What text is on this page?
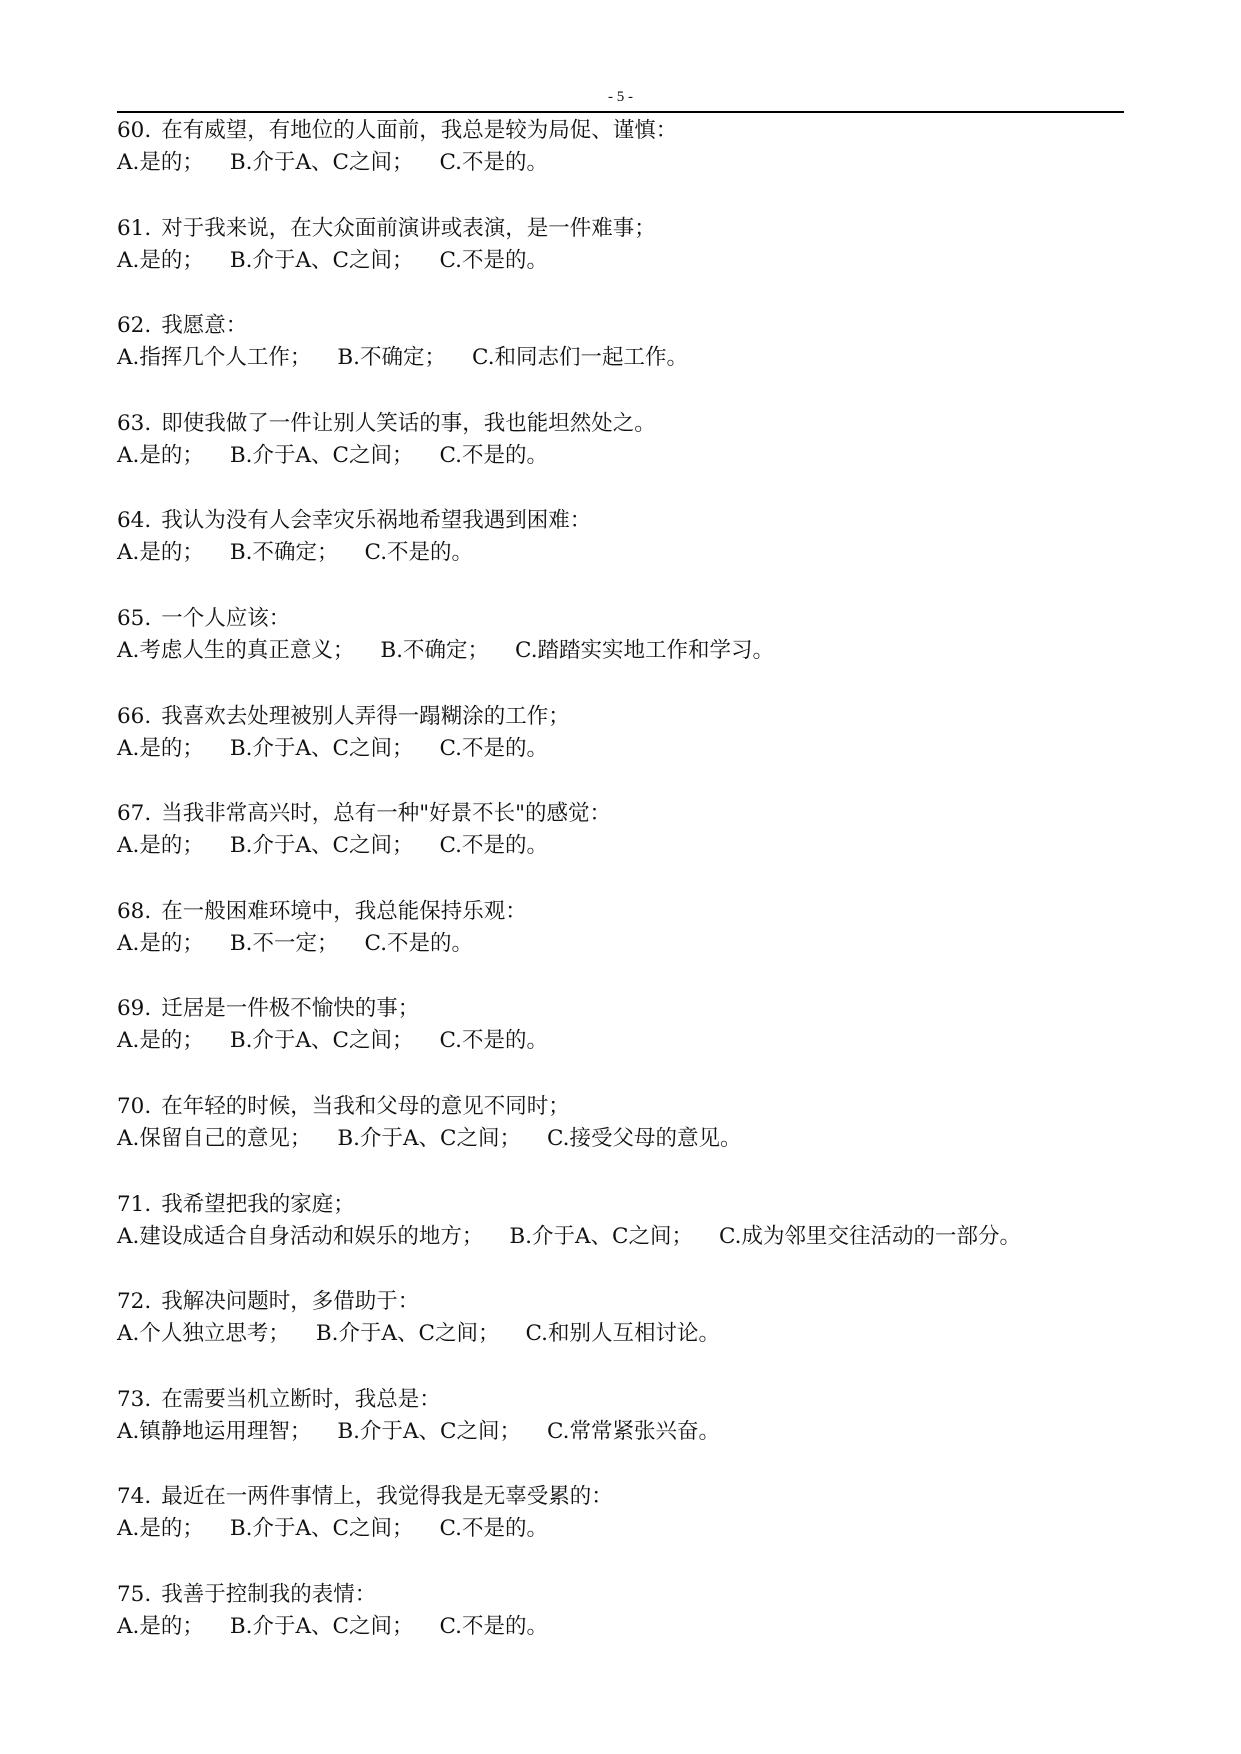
- 5 -
60. 在有威望，有地位的人面前，我总是较为局促、谨慎：
A.是的； B.介于A、C之间； C.不是的。
61. 对于我来说，在大众面前演讲或表演，是一件难事；
A.是的； B.介于A、C之间； C.不是的。
62. 我愿意：
A.指挥几个人工作； B.不确定； C.和同志们一起工作。
63. 即使我做了一件让别人笑话的事，我也能坦然处之。
A.是的； B.介于A、C之间； C.不是的。
64. 我认为没有人会幸灾乐祸地希望我遇到困难：
A.是的； B.不确定； C.不是的。
65. 一个人应该：
A.考虑人生的真正意义； B.不确定； C.踏踏实实地工作和学习。
66. 我喜欢去处理被别人弄得一蹋糊涂的工作；
A.是的； B.介于A、C之间； C.不是的。
67. 当我非常高兴时，总有一种"好景不长"的感觉：
A.是的； B.介于A、C之间； C.不是的。
68. 在一般困难环境中，我总能保持乐观：
A.是的； B.不一定； C.不是的。
69. 迁居是一件极不愉快的事；
A.是的； B.介于A、C之间； C.不是的。
70. 在年轻的时候，当我和父母的意见不同时；
A.保留自己的意见； B.介于A、C之间； C.接受父母的意见。
71. 我希望把我的家庭；
A.建设成适合自身活动和娱乐的地方； B.介于A、C之间； C.成为邻里交往活动的一部分。
72. 我解决问题时，多借助于：
A.个人独立思考； B.介于A、C之间； C.和别人互相讨论。
73. 在需要当机立断时，我总是：
A.镇静地运用理智； B.介于A、C之间； C.常常紧张兴奋。
74. 最近在一两件事情上，我觉得我是无辜受累的：
A.是的； B.介于A、C之间； C.不是的。
75. 我善于控制我的表情：
A.是的； B.介于A、C之间； C.不是的。
